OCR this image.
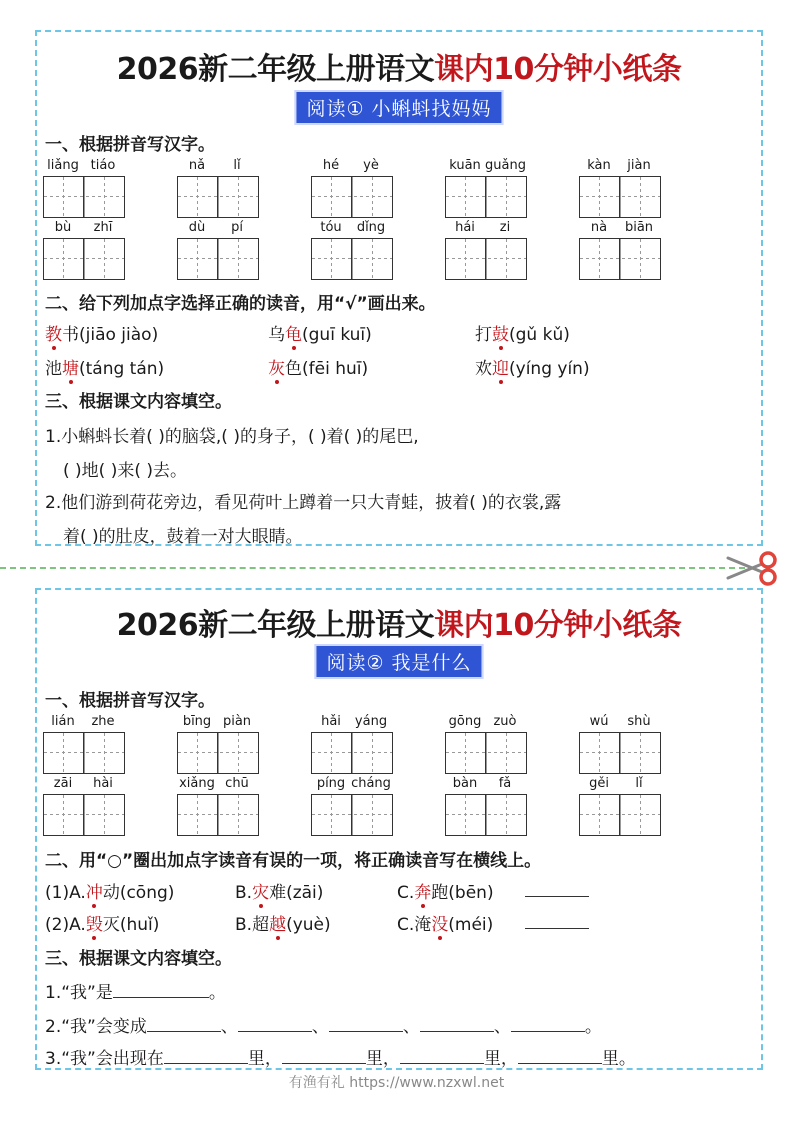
2026新二年级上册语文课内10分钟小纸条
阅读① 小蝌蚪找妈妈
一、根据拼音写汉字。
liǎng tiáo	nǎ	lǐ	hé	yè	kuān guǎng	kàn	jiàn
bù	zhī	dù	pí	tóu	dǐng	hái	zi	nà	biān
二、给下列加点字选择正确的读音，用“√”画出来。
教书(jiāo jiào)	乌龟(guī kuī)	打鼓(gǔ kǔ)
池塘(táng tán)	灰色(fēi huī)	欢迎(yíng yín)
三、根据课文内容填空。
1.小蝌蚪长着( )的脑袋,( )的身子，( )着( )的尾巴,
( )地( )来( )去。
2.他们游到荷花旁边，看见荷叶上蹲着一只大青蛙，披着( )的衣裳,露
着( )的肚皮，鼓着一对大眼睛。
2026新二年级上册语文课内10分钟小纸条
阅读② 我是什么
一、根据拼音写汉字。
lián	zhe	bīng piàn	hǎi	yáng	gōng zuò	wú	shù
zāi	hài	xiǎng chū	píng cháng	bàn	fǎ	gěi	lǐ
二、用“○”圈出加点字读音有误的一项，将正确读音写在横线上。
(1)A.冲动(cōng)	B.灾难(zāi)	C.奔跑(bēn)
(2)A.毁灭(huǐ)	B.超越(yuè)	C.淹没(méi)
三、根据课文内容填空。
1.“我”是	。
2.“我”会变成	、	、	、	、	。
3.“我”会出现在	里，	里，	里，	里。
有渔有礼 https://www.nzxwl.net
